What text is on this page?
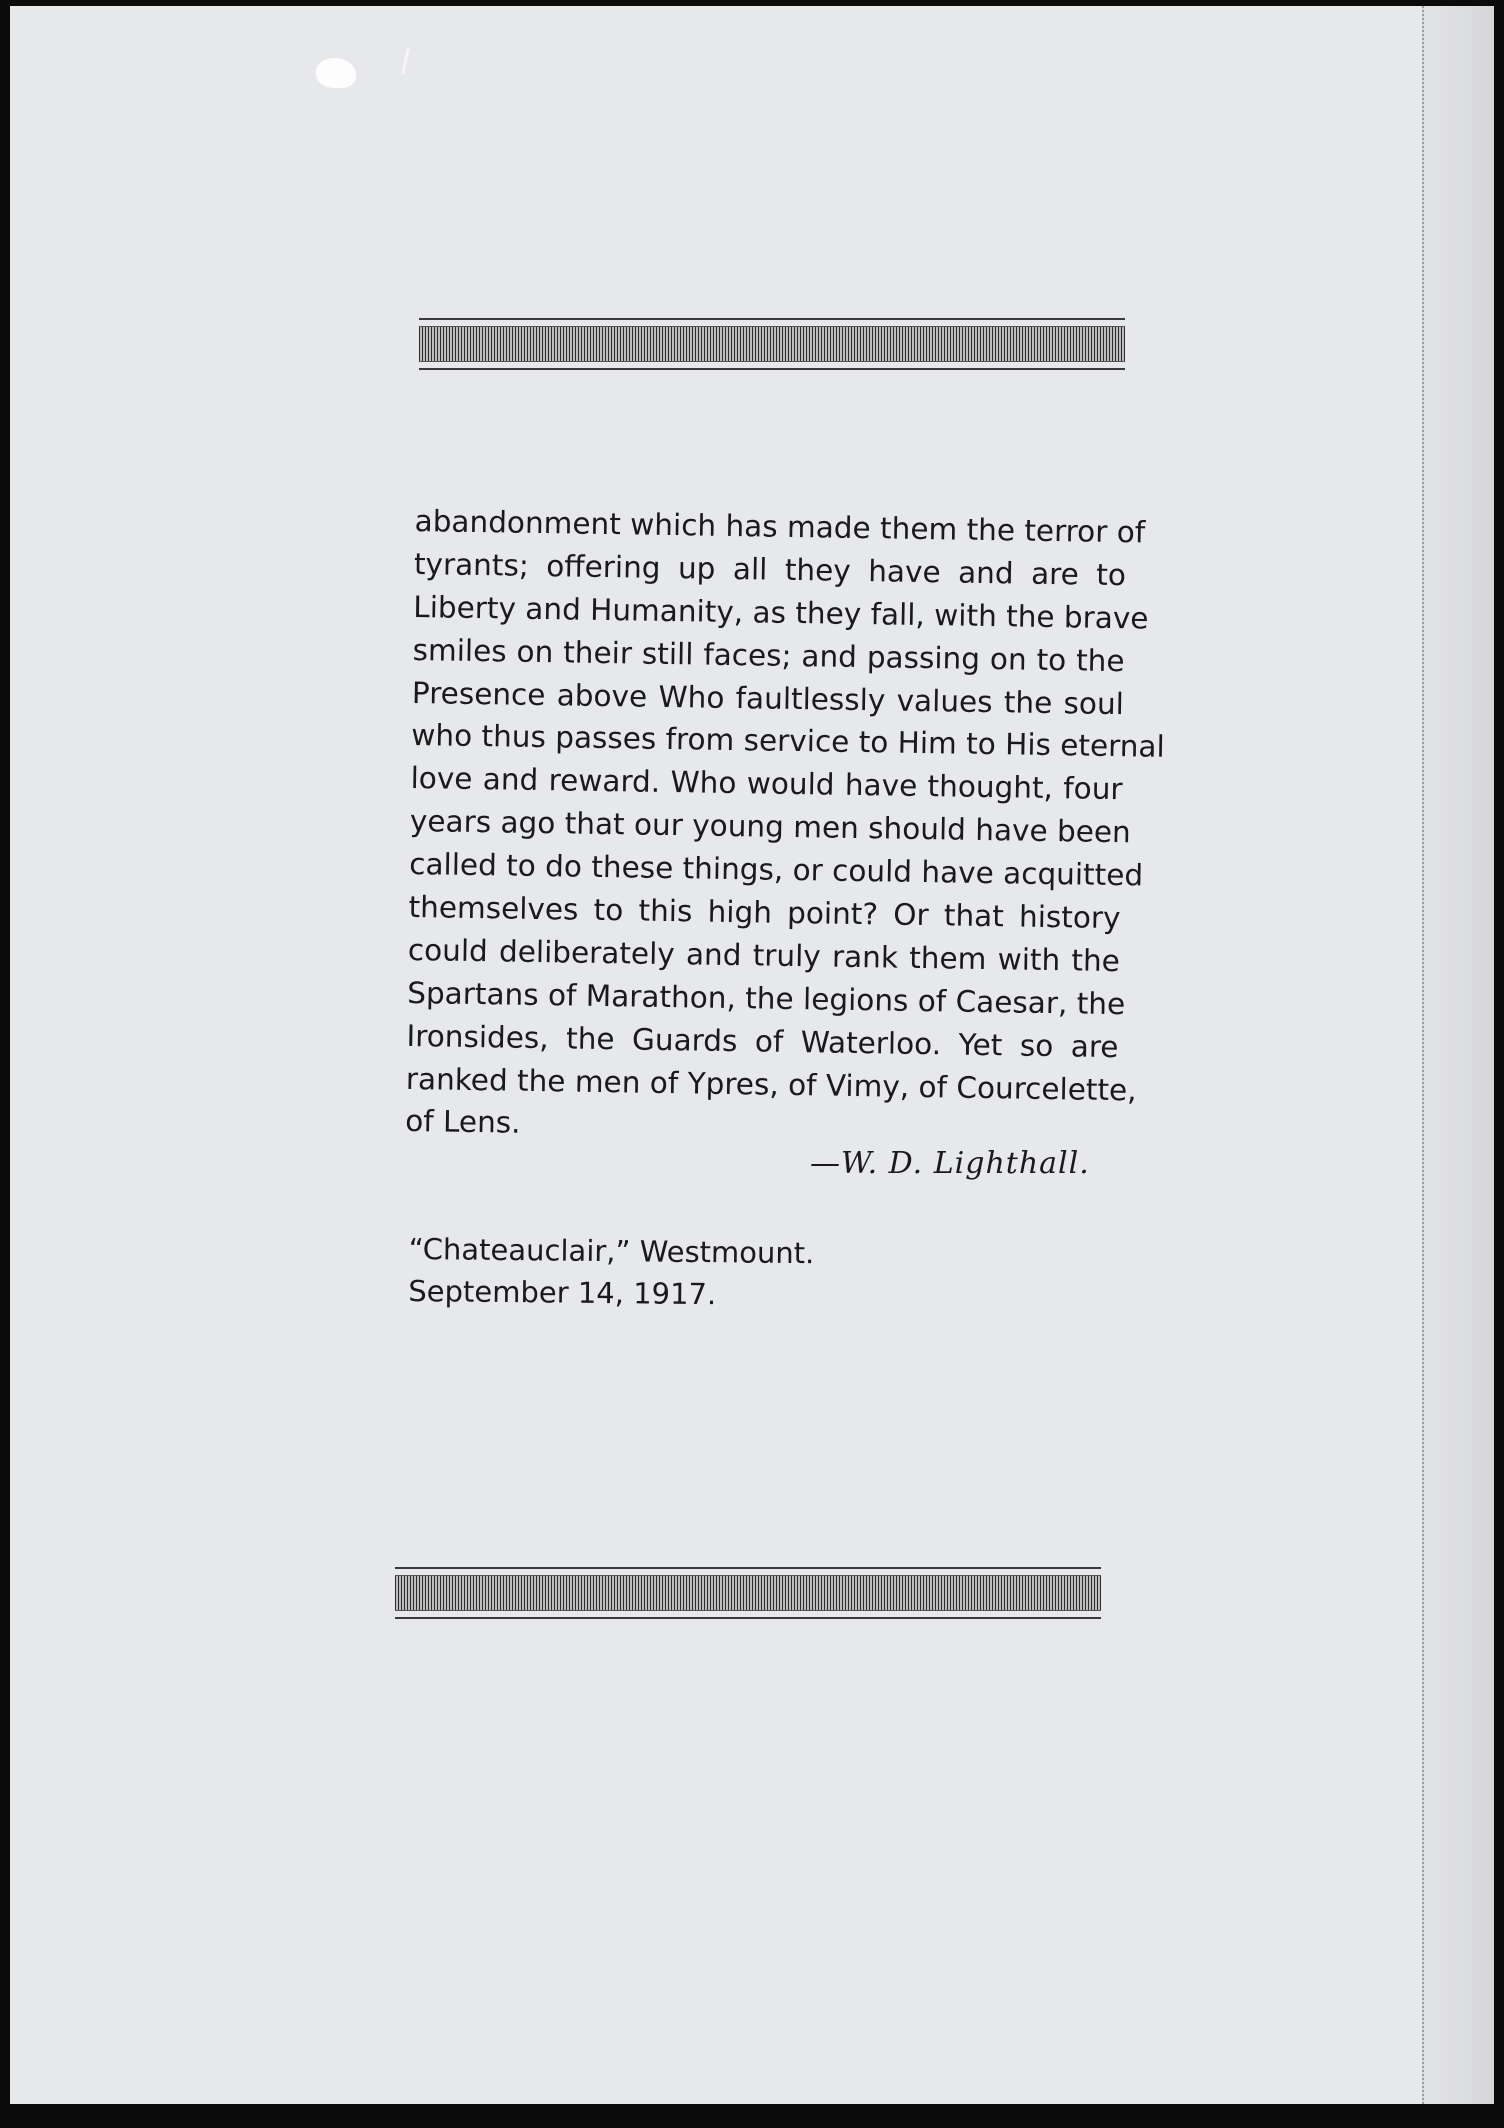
abandonment which has made them the terror of
tyrants; offering up all they have and are to
Liberty and Humanity, as they fall, with the brave
smiles on their still faces; and passing on to the
Presence above Who faultlessly values the soul
who thus passes from service to Him to His eternal
love and reward. Who would have thought, four
years ago that our young men should have been
called to do these things, or could have acquitted
themselves to this high point? Or that history
could deliberately and truly rank them with the
Spartans of Marathon, the legions of Caesar, the
Ironsides, the Guards of Waterloo. Yet so are
ranked the men of Ypres, of Vimy, of Courcelette,
of Lens.
—W. D. Lighthall.
“Chateauclair,” Westmount.
September 14, 1917.
